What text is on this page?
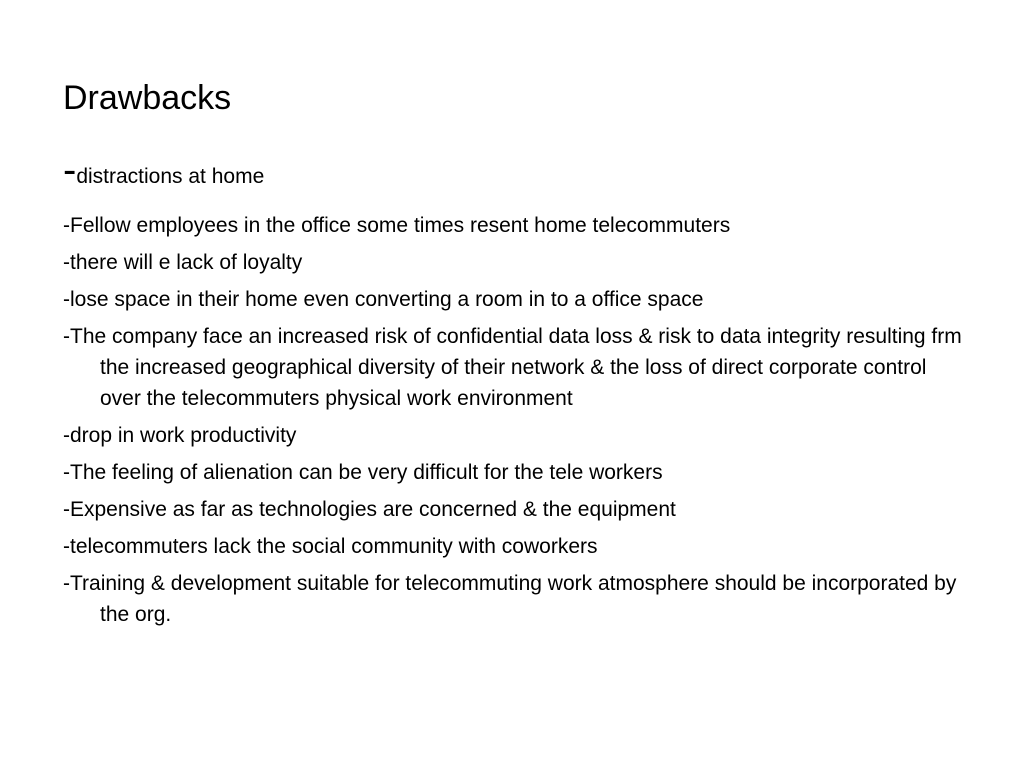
Drawbacks
-distractions at home
-Fellow employees in the office some times resent home telecommuters
-there will e lack of loyalty
-lose space in their home even converting a room in to a office space
-The company face an increased risk of confidential data loss & risk to data integrity resulting frm the increased geographical diversity of their network & the loss of direct corporate control over the telecommuters physical work environment
-drop in work productivity
-The feeling of alienation can be very difficult for the tele workers
-Expensive as far as technologies are concerned & the equipment
-telecommuters lack the social community with coworkers
-Training & development suitable for telecommuting work atmosphere should be incorporated by the org.
